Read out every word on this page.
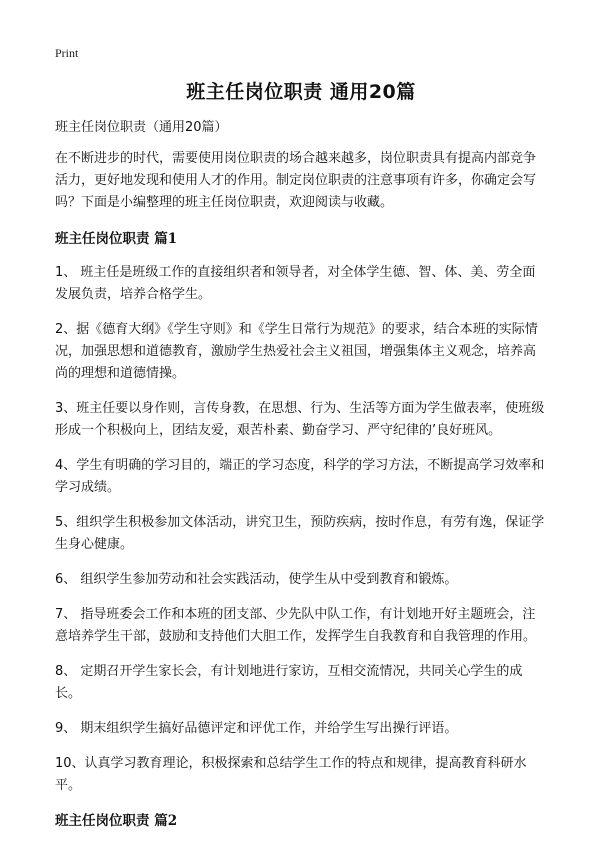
Print
班主任岗位职责 通用20篇
班主任岗位职责（通用20篇）
在不断进步的时代，需要使用岗位职责的场合越来越多，岗位职责具有提高内部竞争活力，更好地发现和使用人才的作用。制定岗位职责的注意事项有许多，你确定会写吗？下面是小编整理的班主任岗位职责，欢迎阅读与收藏。
班主任岗位职责 篇1
1、 班主任是班级工作的直接组织者和领导者，对全体学生德、智、体、美、劳全面发展负责，培养合格学生。
2、据《德育大纲》《学生守则》和《学生日常行为规范》的要求，结合本班的实际情况，加强思想和道德教育，激励学生热爱社会主义祖国，增强集体主义观念，培养高尚的理想和道德情操。
3、班主任要以身作则，言传身教，在思想、行为、生活等方面为学生做表率，使班级形成一个积极向上，团结友爱，艰苦朴素、勤奋学习、严守纪律的’良好班风。
4、学生有明确的学习目的，端正的学习态度，科学的学习方法，不断提高学习效率和学习成绩。
5、组织学生积极参加文体活动，讲究卫生，预防疾病，按时作息，有劳有逸，保证学生身心健康。
6、 组织学生参加劳动和社会实践活动，使学生从中受到教育和锻炼。
7、 指导班委会工作和本班的团支部、少先队中队工作，有计划地开好主题班会，注意培养学生干部，鼓励和支持他们大胆工作，发挥学生自我教育和自我管理的作用。
8、 定期召开学生家长会，有计划地进行家访，互相交流情况，共同关心学生的成长。
9、 期末组织学生搞好品德评定和评优工作，并给学生写出操行评语。
10、认真学习教育理论，积极探索和总结学生工作的特点和规律，提高教育科研水平。
班主任岗位职责 篇2
